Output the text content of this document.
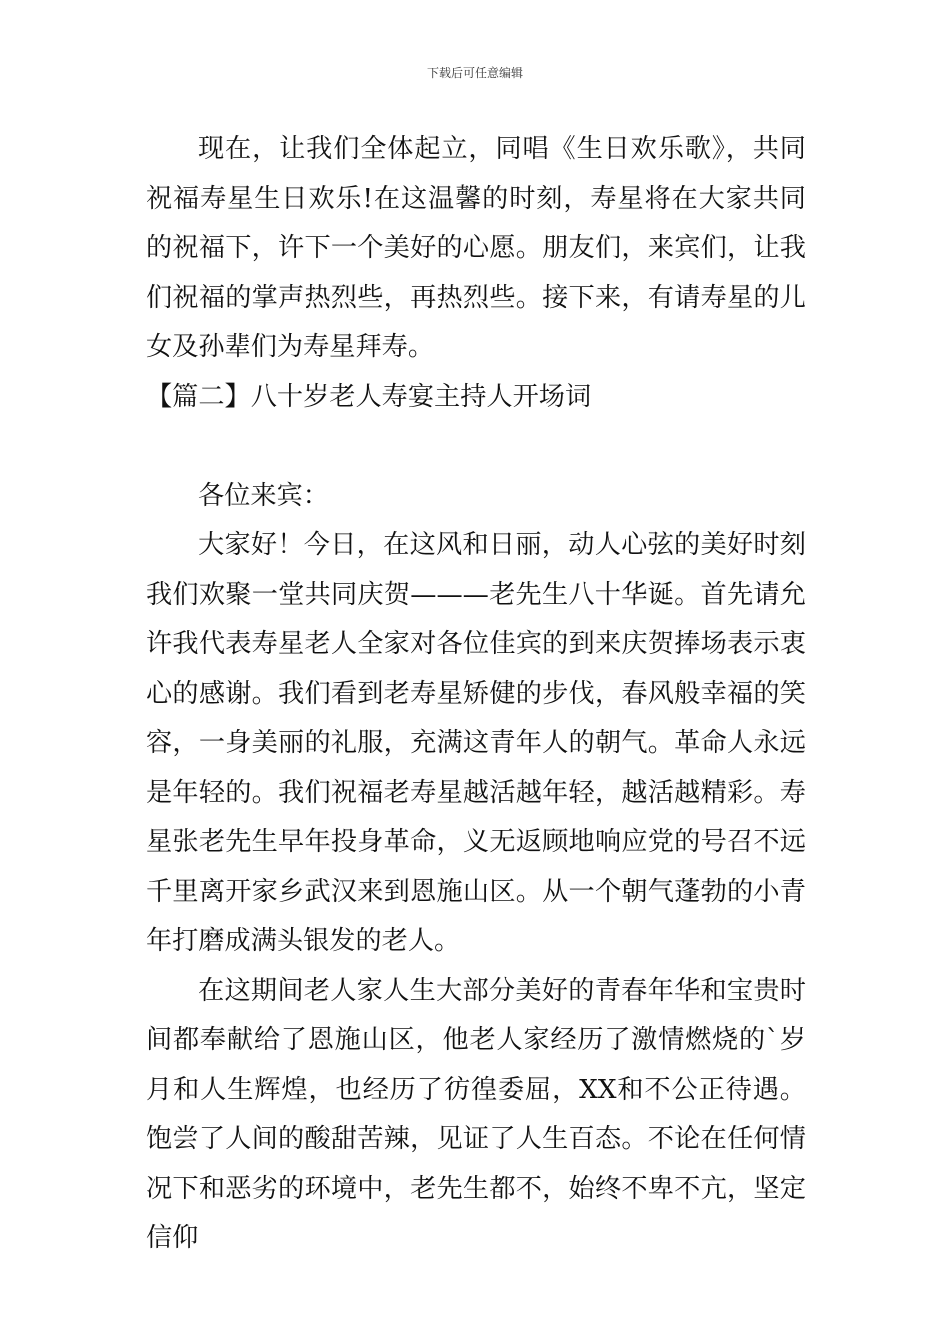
下载后可任意编辑

现在，让我们全体起立，同唱《生日欢乐歌》，共同祝福寿星生日欢乐!在这温馨的时刻，寿星将在大家共同的祝福下，许下一个美好的心愿。朋友们，来宾们，让我们祝福的掌声热烈些，再热烈些。接下来，有请寿星的儿女及孙辈们为寿星拜寿。

【篇二】八十岁老人寿宴主持人开场词

各位来宾：

大家好！今日，在这风和日丽，动人心弦的美好时刻我们欢聚一堂共同庆贺———老先生八十华诞。首先请允许我代表寿星老人全家对各位佳宾的到来庆贺捧场表示衷心的感谢。我们看到老寿星矫健的步伐，春风般幸福的笑容，一身美丽的礼服，充满这青年人的朝气。革命人永远是年轻的。我们祝福老寿星越活越年轻，越活越精彩。寿星张老先生早年投身革命，义无返顾地响应党的号召不远千里离开家乡武汉来到恩施山区。从一个朝气蓬勃的小青年打磨成满头银发的老人。

在这期间老人家人生大部分美好的青春年华和宝贵时间都奉献给了恩施山区，他老人家经历了激情燃烧的`岁月和人生辉煌，也经历了彷徨委屈，XX和不公正待遇。饱尝了人间的酸甜苦辣，见证了人生百态。不论在任何情况下和恶劣的环境中，老先生都不，始终不卑不亢，坚定信仰
